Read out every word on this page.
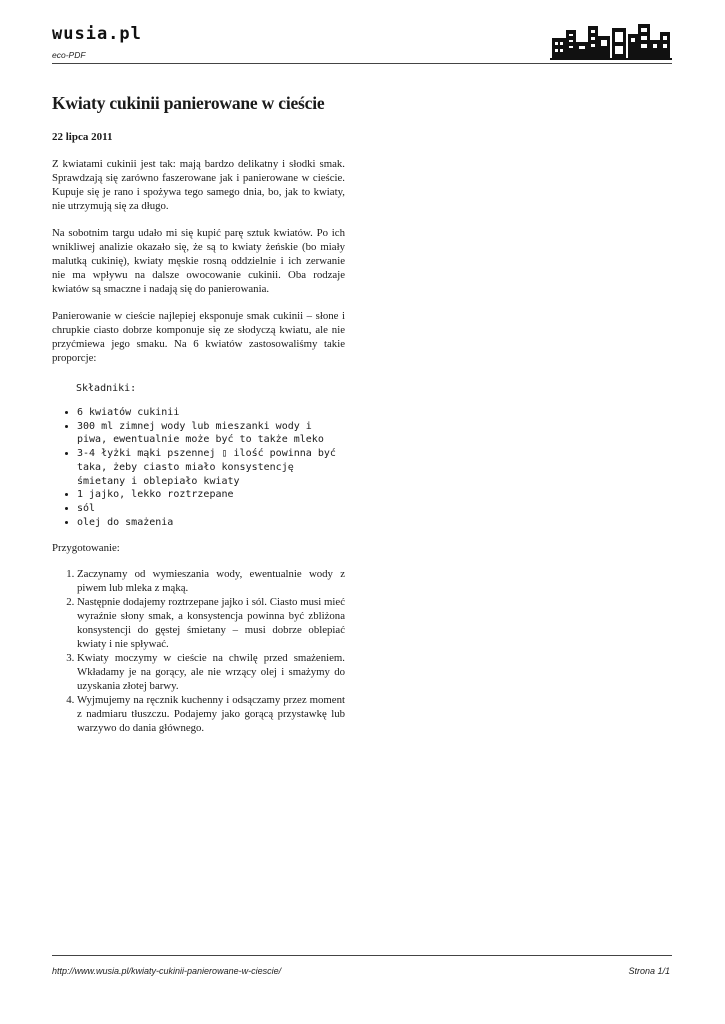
wusia.pl
eco-PDF
Kwiaty cukinii panierowane w cieście
22 lipca 2011

Z kwiatami cukinii jest tak: mają bardzo delikatny i słodki smak. Sprawdzają się zarówno faszerowane jak i panierowane w cieście. Kupuje się je rano i spożywa tego samego dnia, bo, jak to kwiaty, nie utrzymują się za długo.

Na sobotnim targu udało mi się kupić parę sztuk kwiatów. Po ich wnikliwej analizie okazało się, że są to kwiaty żeńskie (bo miały malutką cukinię), kwiaty męskie rosną oddzielnie i ich zerwanie nie ma wpływu na dalsze owocowanie cukinii. Oba rodzaje kwiatów są smaczne i nadają się do panierowania.

Panierowanie w cieście najlepiej eksponuje smak cukinii – słone i chrupkie ciasto dobrze komponuje się ze słodyczą kwiatu, ale nie przyćmiewa jego smaku. Na 6 kwiatów zastosowaliśmy takie proporcje:

Składniki:
• 6 kwiatów cukinii
• 300 ml zimnej wody lub mieszanki wody i piwa, ewentualnie może być to także mleko
• 3-4 łyżki mąki pszennej ▯ ilość powinna być taka, żeby ciasto miało konsystencję śmietany i oblepiało kwiaty
• 1 jajko, lekko roztrzepane
• sól
• olej do smażenia

Przygotowanie:

1. Zaczynamy od wymieszania wody, ewentualnie wody z piwem lub mleka z mąką.
2. Następnie dodajemy roztrzepane jajko i sól. Ciasto musi mieć wyraźnie słony smak, a konsystencja powinna być zbliżona konsystencji do gęstej śmietany – musi dobrze oblepiać kwiaty i nie spływać.
3. Kwiaty moczymy w cieście na chwilę przed smażeniem. Wkładamy je na gorący, ale nie wrzący olej i smażymy do uzyskania złotej barwy.
4. Wyjmujemy na ręcznik kuchenny i odsączamy przez moment z nadmiaru tłuszczu. Podajemy jako gorącą przystawkę lub warzywo do dania głównego.
http://www.wusia.pl/kwiaty-cukinii-panierowane-w-ciescie/	Strona 1/1
